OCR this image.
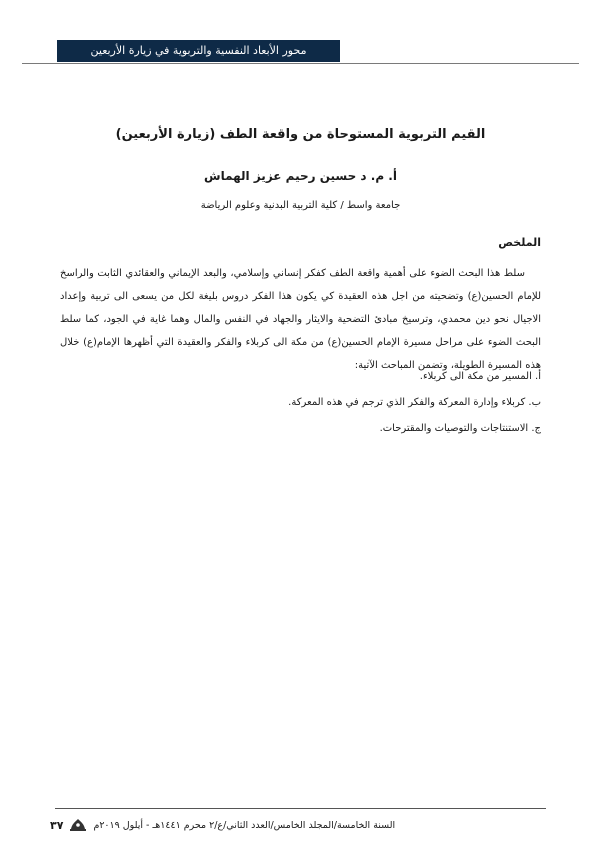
محور الأبعاد النفسية والتربوية في زيارة الأربعين
القيم التربوية المستوحاة من واقعة الطف (زيارة الأربعين)
أ. م. د حسين رحيم عزيز الهماش
جامعة واسط / كلية التربية البدنية وعلوم الرياضة
الملخص
سلط هذا البحث الضوء على أهمية واقعة الطف كفكر إنساني وإسلامي، والبعد الإيماني والعقائدي الثابت والراسخ للإمام الحسين(ع) وتضحيته من اجل هذه العقيدة كي يكون هذا الفكر دروس بليغة لكل من يسعى الى تربية وإعداد الاجيال نحو دين محمدي، وترسيخ مبادئ التضحية والايثار والجهاد في النفس والمال وهما غاية في الجود، كما سلط البحث الضوء على مراحل مسيرة الإمام الحسين(ع) من مكة الى كربلاء والفكر والعقيدة التي أظهرها الإمام(ع) خلال هذه المسيرة الطويلة، وتضمن المباحث الآتية:
أ. المسير من مكة الى كربلاء.
ب. كربلاء وإدارة المعركة والفكر الذي ترجم في هذه المعركة.
ج. الاستنتاجات والتوصيات والمقترحات.
٣٧	السنة الخامسة/المجلد الخامس/العدد الثاني/ع/٢ محرم ١٤٤١هـ - أيلول ٢٠١٩م
